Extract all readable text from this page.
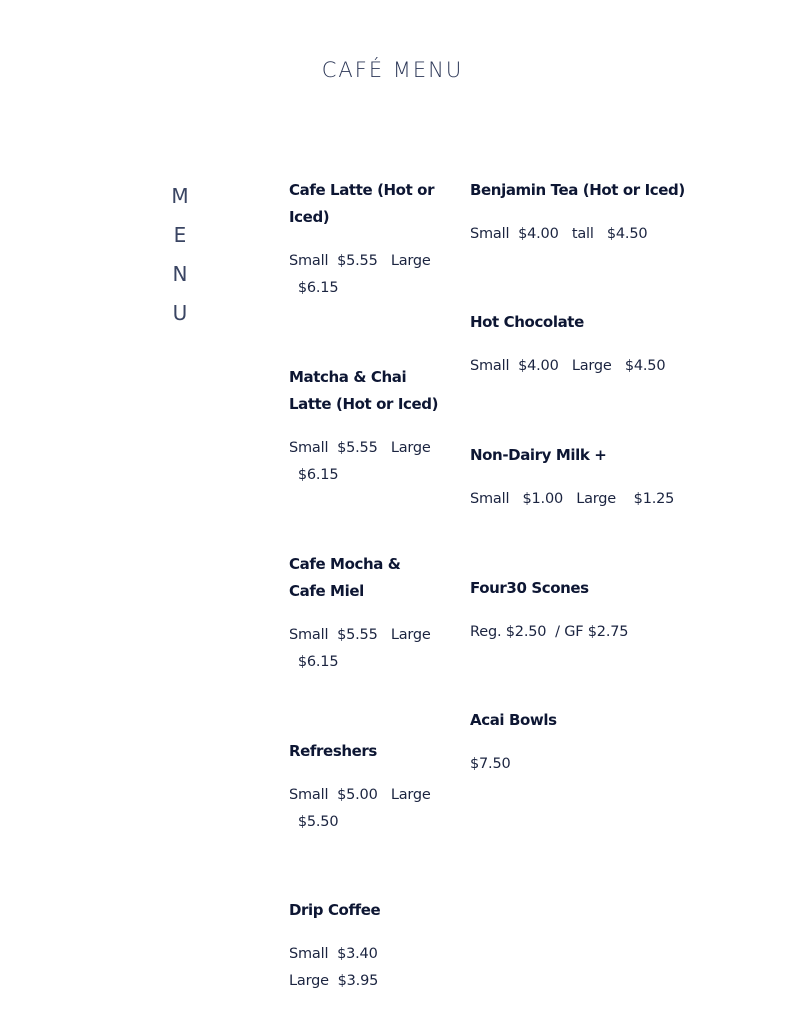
CAFÉ MENU
M
E
N
U
Cafe Latte (Hot or Iced)
Small  $5.55   Large
$6.15
Matcha & Chai Latte (Hot or Iced)
Small  $5.55   Large
$6.15
Cafe Mocha & Cafe Miel
Small  $5.55   Large
$6.15
Refreshers
Small  $5.00   Large
$5.50
Drip Coffee
Small  $3.40
Large  $3.95
Benjamin Tea (Hot or Iced)
Small  $4.00   tall   $4.50
Hot Chocolate
Small  $4.00   Large   $4.50
Non-Dairy Milk +
Small   $1.00   Large    $1.25
Four30 Scones
Reg. $2.50  / GF $2.75
Acai Bowls
$7.50
